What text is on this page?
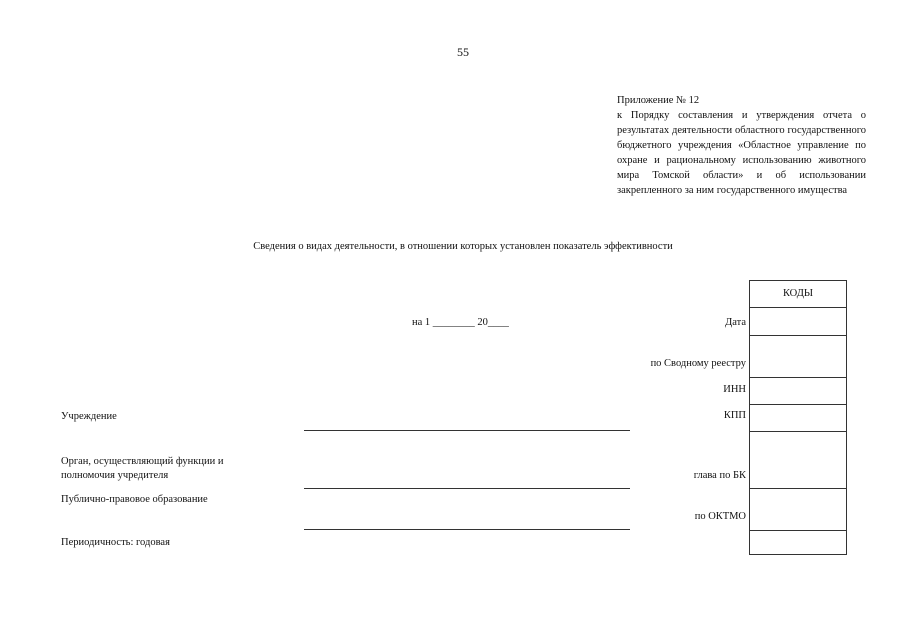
55
Приложение № 12
к Порядку составления и утверждения отчета о результатах деятельности областного государственного бюджетного учреждения «Областное управление по охране и рациональному использованию животного мира Томской области» и об использовании закрепленного за ним государственного имущества
Сведения о видах деятельности, в отношении которых установлен показатель эффективности
на 1 ________ 20____
Учреждение
Орган, осуществляющий функции и
полномочия учредителя
Публично-правовое образование
Периодичность: годовая
Дата
по Сводному реестру
ИНН
КПП
глава по БК
по ОКТМО
КОДЫ
